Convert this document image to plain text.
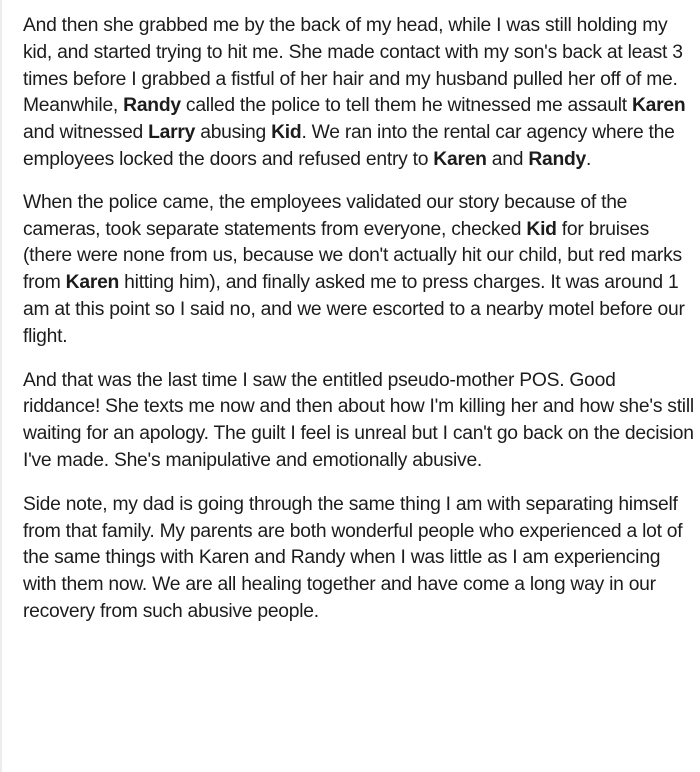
And then she grabbed me by the back of my head, while I was still holding my kid, and started trying to hit me. She made contact with my son's back at least 3 times before I grabbed a fistful of her hair and my husband pulled her off of me. Meanwhile, Randy called the police to tell them he witnessed me assault Karen and witnessed Larry abusing Kid. We ran into the rental car agency where the employees locked the doors and refused entry to Karen and Randy.

When the police came, the employees validated our story because of the cameras, took separate statements from everyone, checked Kid for bruises (there were none from us, because we don't actually hit our child, but red marks from Karen hitting him), and finally asked me to press charges. It was around 1 am at this point so I said no, and we were escorted to a nearby motel before our flight.

And that was the last time I saw the entitled pseudo-mother POS. Good riddance! She texts me now and then about how I'm killing her and how she's still waiting for an apology. The guilt I feel is unreal but I can't go back on the decision I've made. She's manipulative and emotionally abusive.

Side note, my dad is going through the same thing I am with separating himself from that family. My parents are both wonderful people who experienced a lot of the same things with Karen and Randy when I was little as I am experiencing with them now. We are all healing together and have come a long way in our recovery from such abusive people.
